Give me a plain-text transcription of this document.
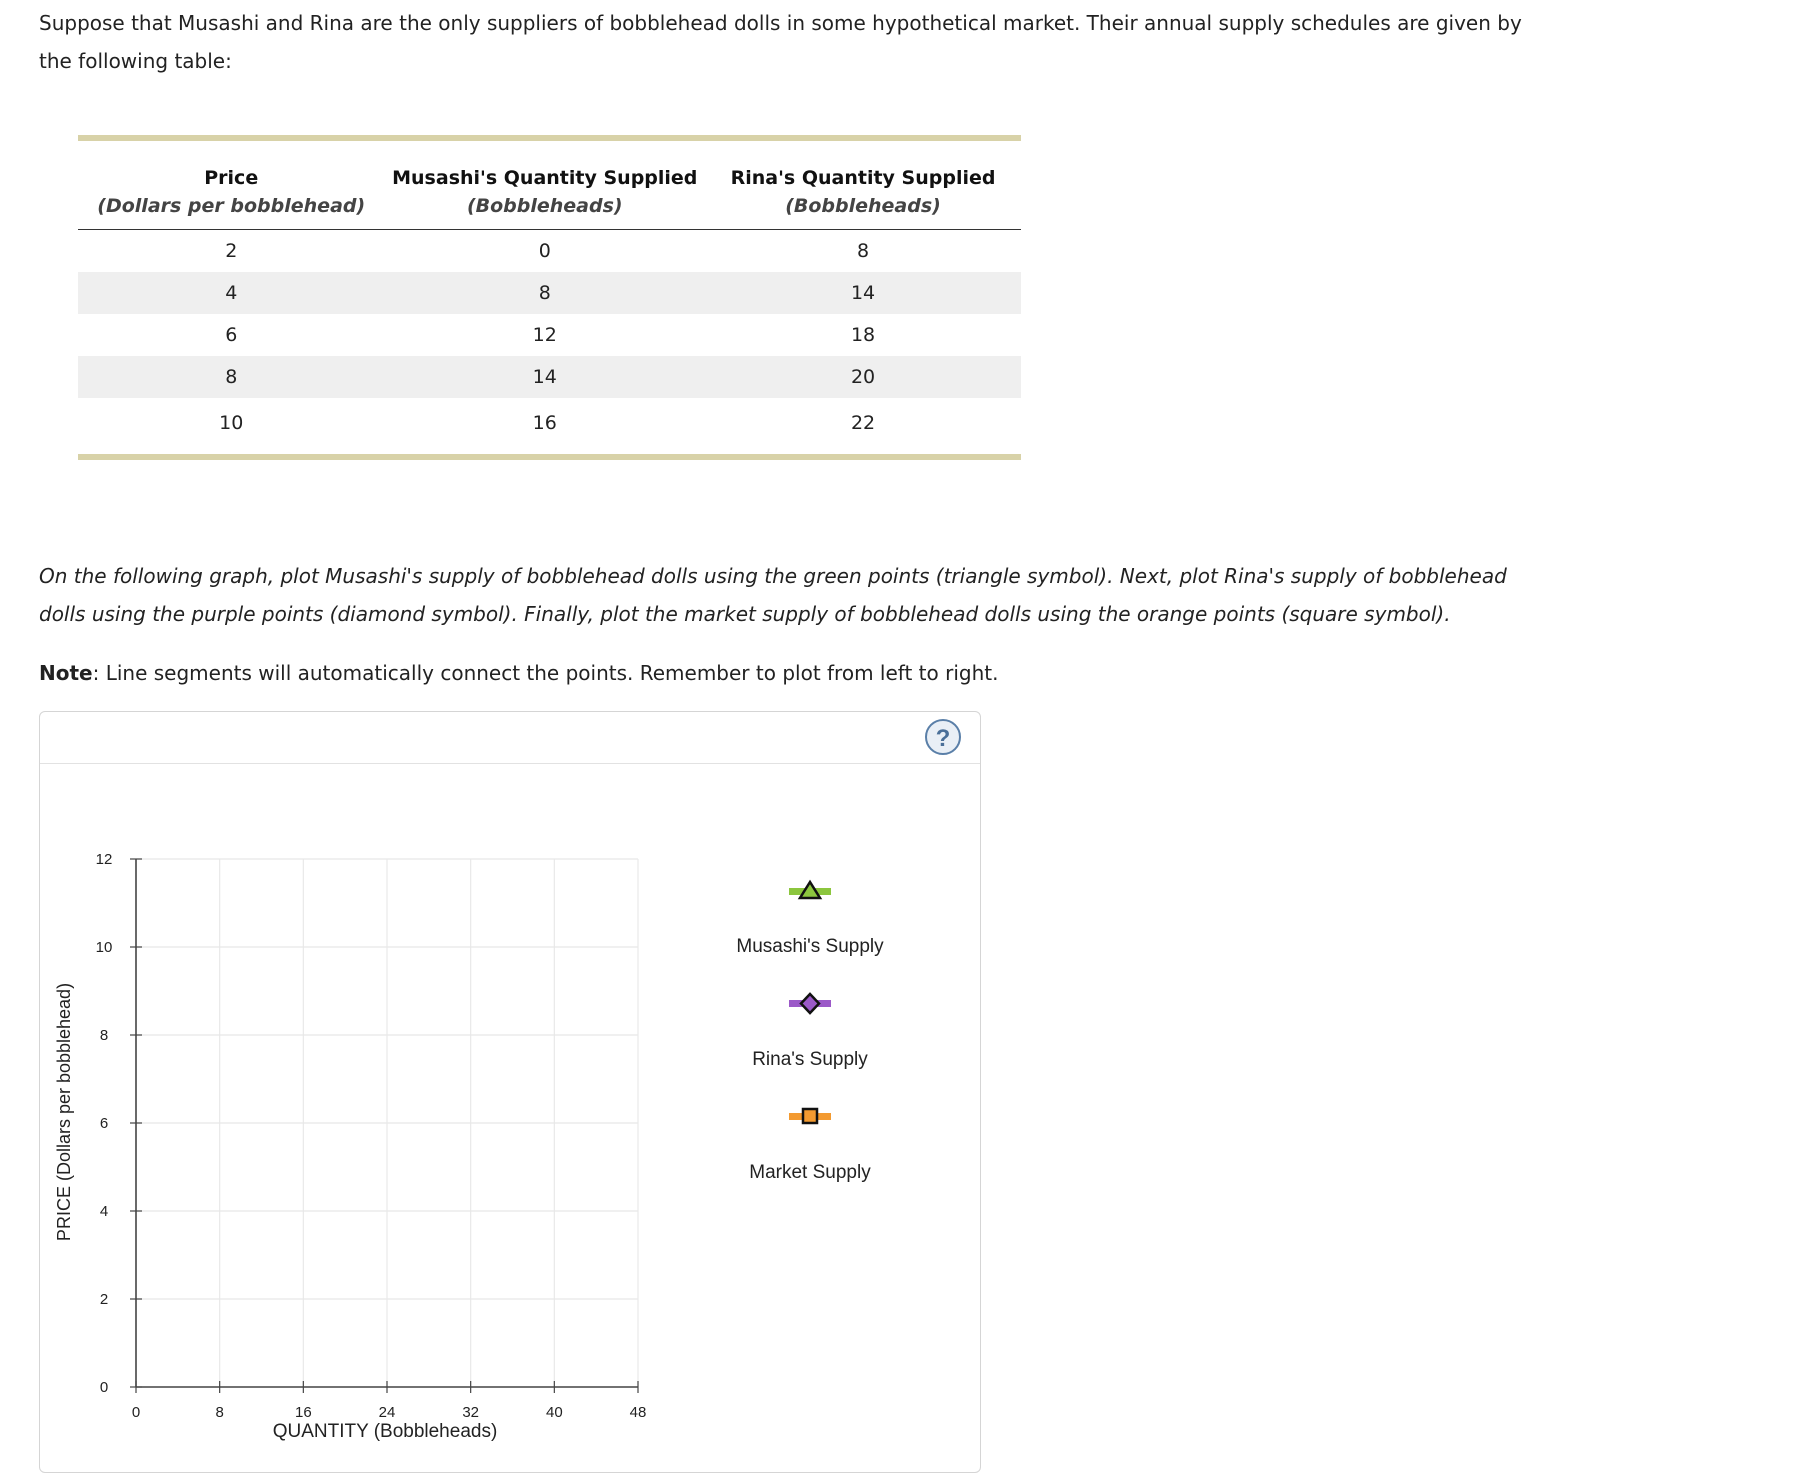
Suppose that Musashi and Rina are the only suppliers of bobblehead dolls in some hypothetical market. Their annual supply schedules are given by the following table:

Price	Musashi's Quantity Supplied	Rina's Quantity Supplied
(Dollars per bobblehead)	(Bobbleheads)	(Bobbleheads)
2	0	8
4	8	14
6	12	18
8	14	20
10	16	22

On the following graph, plot Musashi's supply of bobblehead dolls using the green points (triangle symbol). Next, plot Rina's supply of bobblehead dolls using the purple points (diamond symbol). Finally, plot the market supply of bobblehead dolls using the orange points (square symbol).

Note: Line segments will automatically connect the points. Remember to plot from left to right.

?
0	8	16	24	32	40	48
0
2
4
6
8
10
12
QUANTITY (Bobbleheads)
PRICE (Dollars per bobblehead)
Musashi's Supply
Rina's Supply
Market Supply
